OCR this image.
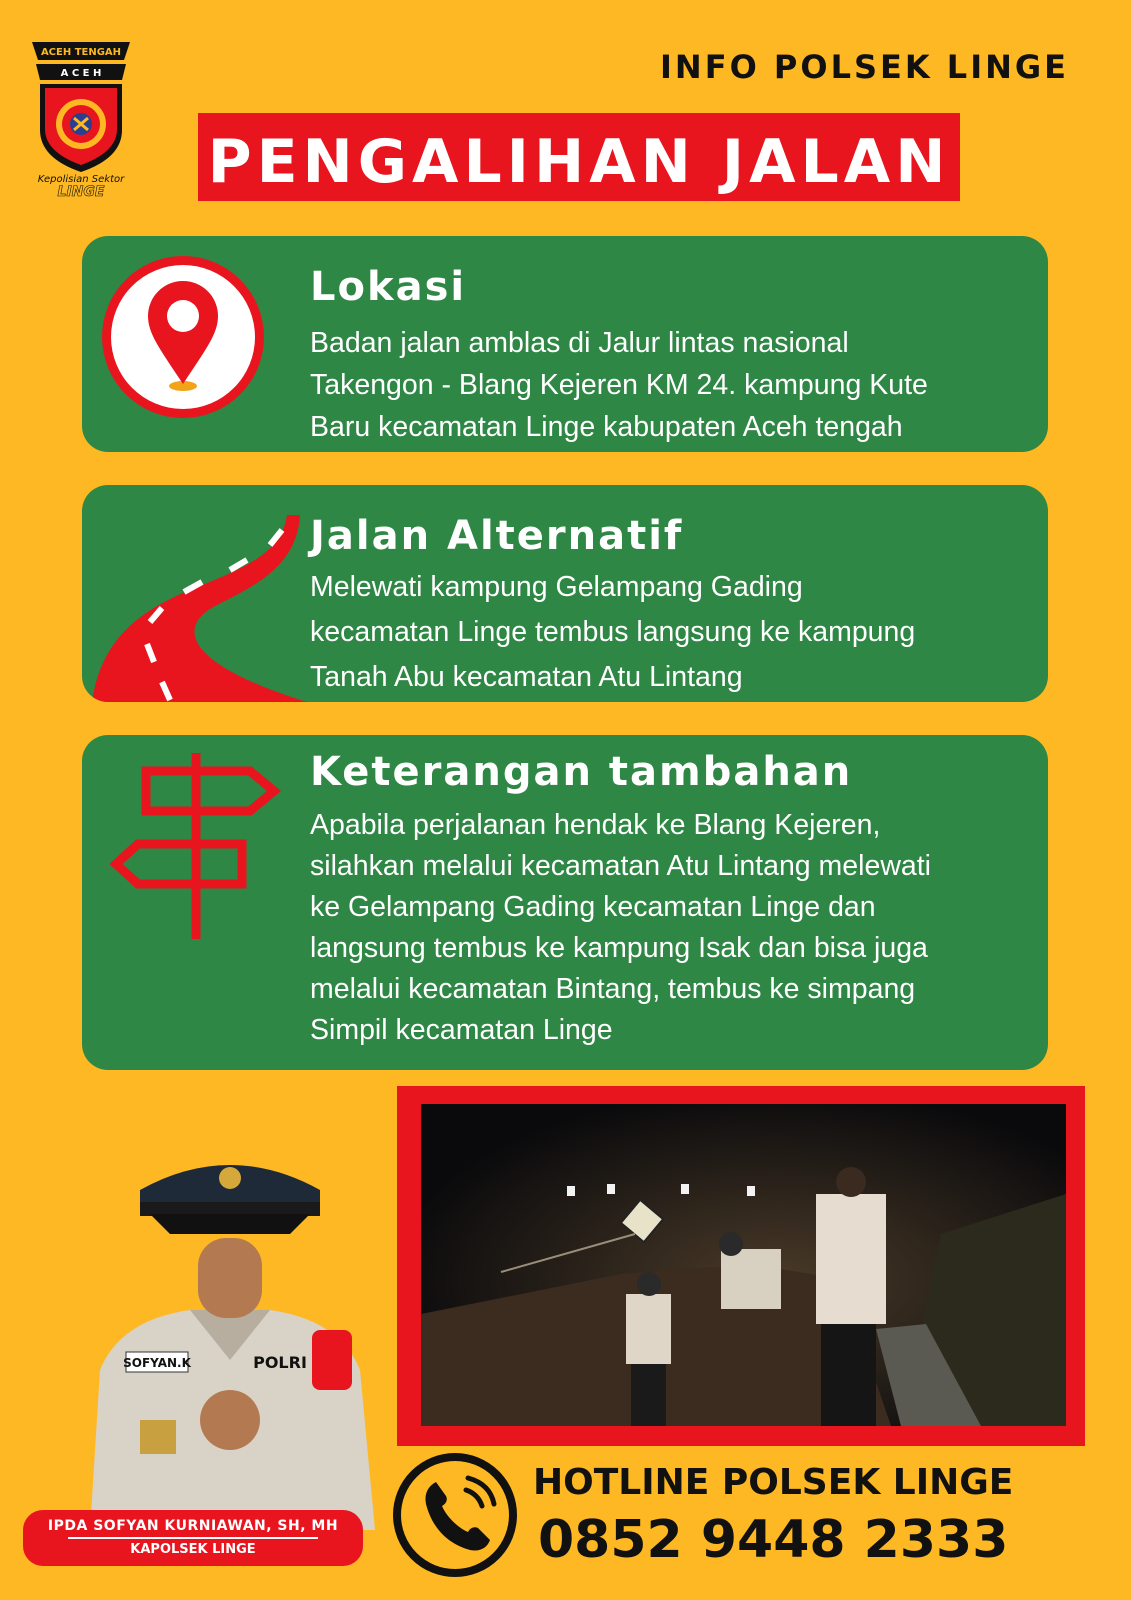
ACEH TENGAH
A C E H
Kepolisian Sektor
LINGE
INFO POLSEK LINGE
PENGALIHAN JALAN
Lokasi
Badan jalan amblas di Jalur lintas nasional
Takengon - Blang Kejeren KM 24. kampung Kute
Baru kecamatan Linge kabupaten Aceh tengah
Jalan Alternatif
Melewati kampung Gelampang Gading
kecamatan Linge tembus langsung ke kampung
Tanah Abu kecamatan Atu Lintang
Keterangan tambahan
Apabila perjalanan hendak ke Blang Kejeren,
silahkan melalui kecamatan Atu Lintang melewati
ke Gelampang Gading kecamatan Linge dan
langsung tembus ke kampung Isak dan bisa juga
melalui kecamatan Bintang, tembus ke simpang
Simpil kecamatan Linge
SOFYAN.K	POLRI
IPDA SOFYAN KURNIAWAN, SH, MH
KAPOLSEK LINGE
HOTLINE POLSEK LINGE
0852 9448 2333
